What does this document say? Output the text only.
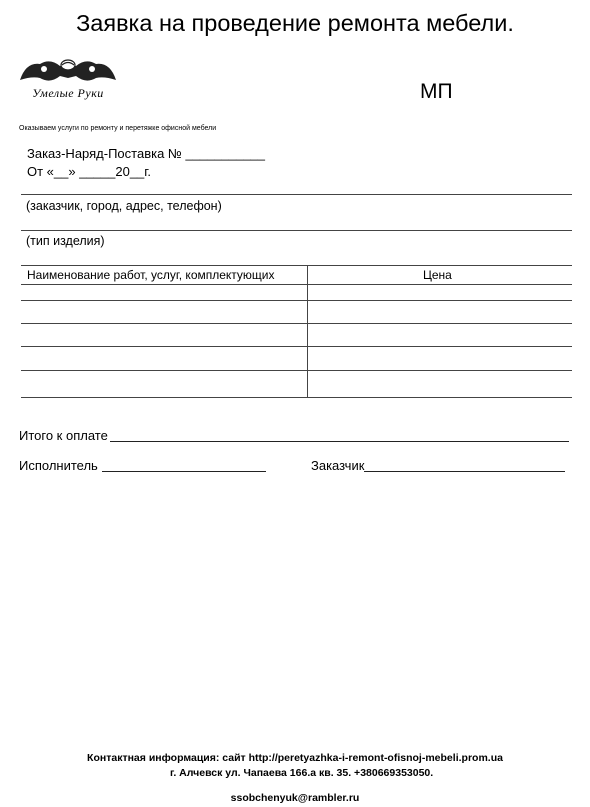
Заявка на проведение ремонта мебели.
Умелые Руки	МП
Оказываем услуги по ремонту и перетяжке офисной мебели
Заказ-Наряд-Поставка № ___________
От «__» _____20__г.
(заказчик, город, адрес, телефон)
(тип изделия)
Наименование работ, услуг, комплектующих	Цена
Итого к оплате
Исполнитель	Заказчик
Контактная информация: сайт http://peretyazhka-i-remont-ofisnoj-mebeli.prom.ua
г. Алчевск ул. Чапаева 166.а кв. 35. +380669353050.
ssobchenyuk@rambler.ru
